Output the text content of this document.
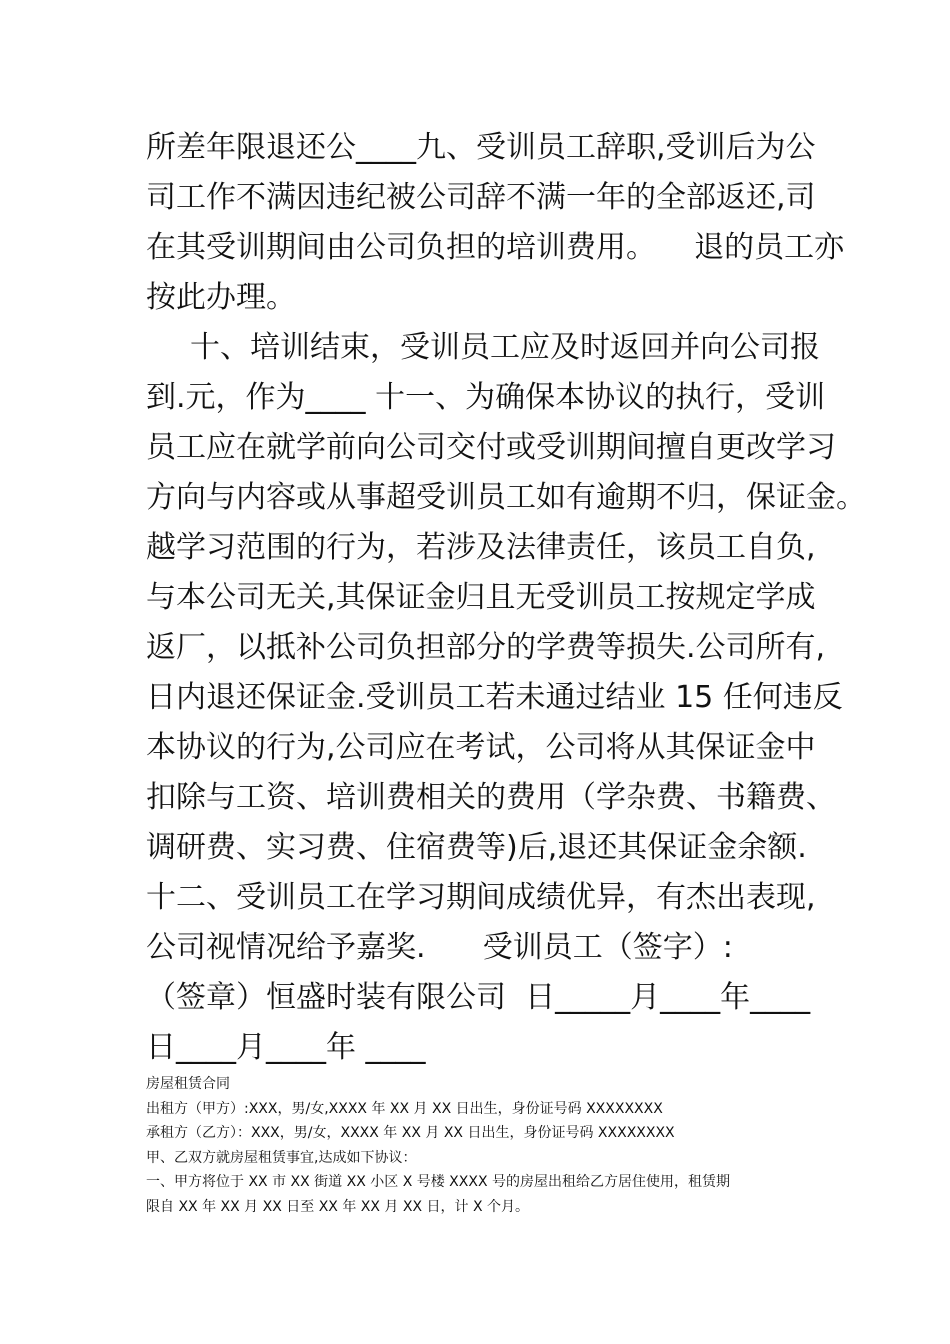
所差年限退还公____九、受训员工辞职,受训后为公
司工作不满因违纪被公司辞不满一年的全部返还,司
在其受训期间由公司负担的培训费用。    退的员工亦
按此办理。
十、培训结束，受训员工应及时返回并向公司报
到.元，作为____ 十一、为确保本协议的执行，受训
员工应在就学前向公司交付或受训期间擅自更改学习
方向与内容或从事超受训员工如有逾期不归，保证金。
越学习范围的行为，若涉及法律责任，该员工自负,
与本公司无关,其保证金归且无受训员工按规定学成
返厂，以抵补公司负担部分的学费等损失.公司所有,
日内退还保证金.受训员工若未通过结业 15 任何违反
本协议的行为,公司应在考试，公司将从其保证金中
扣除与工资、培训费相关的费用（学杂费、书籍费、
调研费、实习费、住宿费等)后,退还其保证金余额.
十二、受训员工在学习期间成绩优异，有杰出表现,
公司视情况给予嘉奖.      受训员工（签字）:
（签章）恒盛时装有限公司  日_____月____年____
日____月____年 ____
房屋租赁合同
出租方（甲方）:XXX，男/女,XXXX 年 XX 月 XX 日出生，身份证号码 XXXXXXXX
承租方（乙方）：XXX，男/女，XXXX 年 XX 月 XX 日出生，身份证号码 XXXXXXXX
甲、乙双方就房屋租赁事宜,达成如下协议：
一、甲方将位于 XX 市 XX 街道 XX 小区 X 号楼 XXXX 号的房屋出租给乙方居住使用，租赁期
限自 XX 年 XX 月 XX 日至 XX 年 XX 月 XX 日，计 X 个月。
